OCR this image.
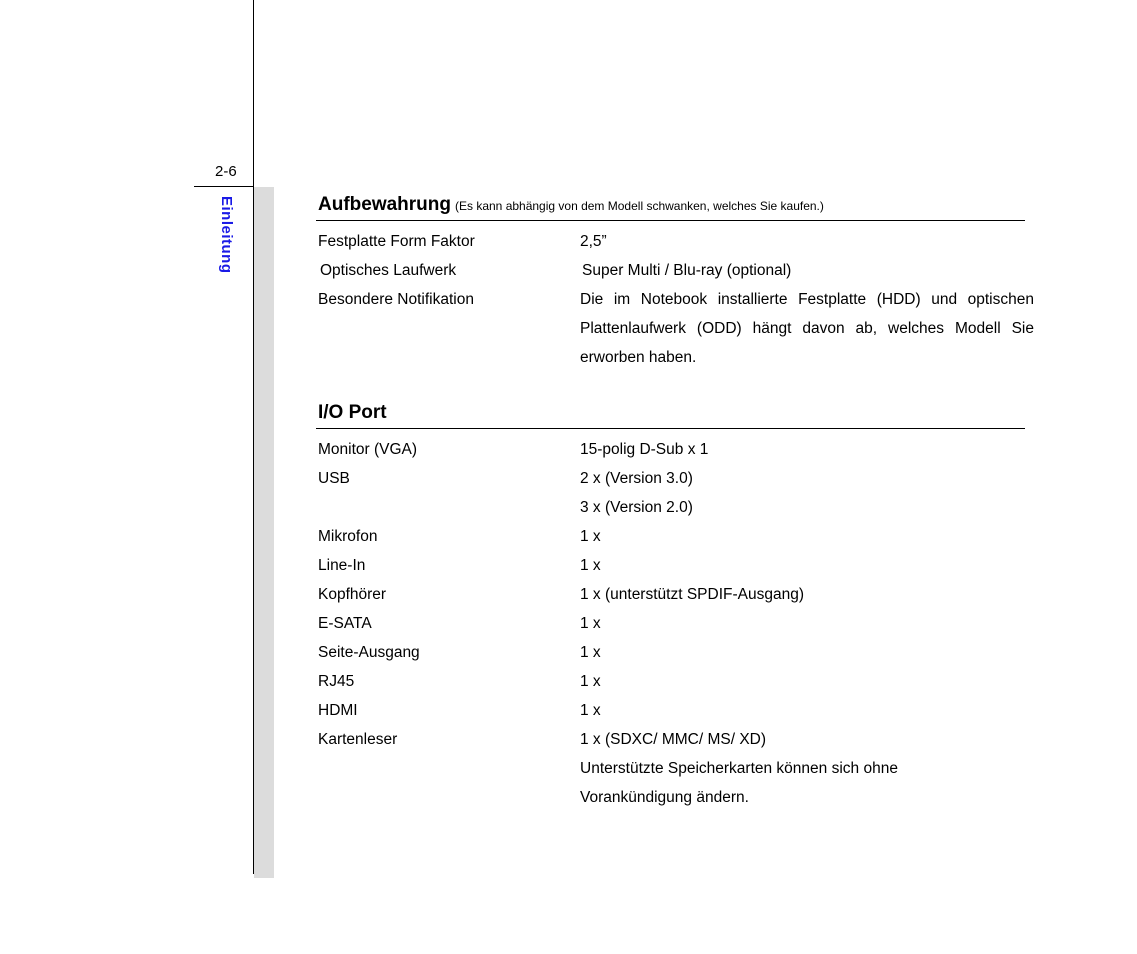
2-6
Einleitung	Aufbewahrung (Es kann abhängig von dem Modell schwanken, welches Sie kaufen.)
Festplatte Form Faktor	2,5”
Optisches Laufwerk	Super Multi / Blu-ray (optional)
Besondere Notifikation	Die im Notebook installierte Festplatte (HDD) und optischen Plattenlaufwerk (ODD) hängt davon ab, welches Modell Sie erworben haben.
I/O Port
Monitor (VGA)	15-polig D-Sub x 1
USB	2 x (Version 3.0)
3 x (Version 2.0)
Mikrofon	1 x
Line-In	1 x
Kopfhörer	1 x (unterstützt SPDIF-Ausgang)
E-SATA	1 x
Seite-Ausgang	1 x
RJ45	1 x
HDMI	1 x
Kartenleser	1 x (SDXC/ MMC/ MS/ XD)
Unterstützte Speicherkarten können sich ohne
Vorankündigung ändern.
